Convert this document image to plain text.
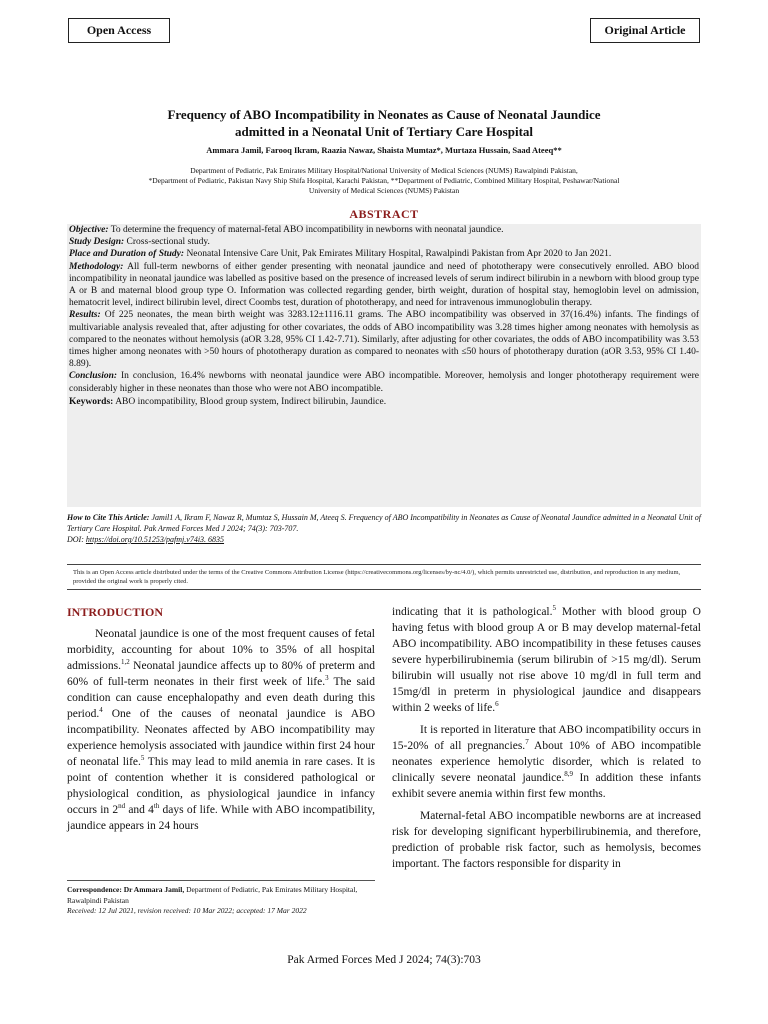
Open Access	Original Article
Frequency of ABO Incompatibility in Neonates as Cause of Neonatal Jaundice
admitted in a Neonatal Unit of Tertiary Care Hospital
Ammara Jamil, Farooq Ikram, Raazia Nawaz, Shaista Mumtaz*, Murtaza Hussain, Saad Ateeq**
Department of Pediatric, Pak Emirates Military Hospital/National University of Medical Sciences (NUMS) Rawalpindi Pakistan,
*Department of Pediatric, Pakistan Navy Ship Shifa Hospital, Karachi Pakistan, **Department of Pediatric, Combined Military Hospital, Peshawar/National
University of Medical Sciences (NUMS) Pakistan
ABSTRACT

Objective: To determine the frequency of maternal-fetal ABO incompatibility in newborns with neonatal jaundice.

Study Design: Cross-sectional study.

Place and Duration of Study: Neonatal Intensive Care Unit, Pak Emirates Military Hospital, Rawalpindi Pakistan from Apr 2020 to Jan 2021.

Methodology: All full-term newborns of either gender presenting with neonatal jaundice and need of phototherapy were consecutively enrolled. ABO blood incompatibility in neonatal jaundice was labelled as positive based on the presence of increased levels of serum indirect bilirubin in a newborn with blood group type A or B and maternal blood group type O. Information was collected regarding gender, birth weight, duration of hospital stay, hemoglobin level on admission, hematocrit level, indirect bilirubin level, direct Coombs test, duration of phototherapy, and need for intravenous immunoglobulin therapy.

Results: Of 225 neonates, the mean birth weight was 3283.12±1116.11 grams. The ABO incompatibility was observed in 37(16.4%) infants. The findings of multivariable analysis revealed that, after adjusting for other covariates, the odds of ABO incompatibility was 3.28 times higher among neonates with hemolysis as compared to the neonates without hemolysis (aOR 3.28, 95% CI 1.42-7.71). Similarly, after adjusting for other covariates, the odds of ABO incompatibility was 3.53 times higher among neonates with >50 hours of phototherapy duration as compared to neonates with ≤50 hours of phototherapy duration (aOR 3.53, 95% CI 1.40-8.89).

Conclusion: In conclusion, 16.4% newborns with neonatal jaundice were ABO incompatible. Moreover, hemolysis and longer phototherapy requirement were considerably higher in these neonates than those who were not ABO incompatible.

Keywords: ABO incompatibility, Blood group system, Indirect bilirubin, Jaundice.

How to Cite This Article: Jamil1 A, Ikram F, Nawaz R, Mumtaz S, Hussain M, Ateeq S. Frequency of ABO Incompatibility in Neonates as Cause of Neonatal Jaundice admitted in a Neonatal Unit of Tertiary Care Hospital. Pak Armed Forces Med J 2024; 74(3): 703-707.
DOI: https://doi.org/10.51253/pafmj.v74i3. 6835
This is an Open Access article distributed under the terms of the Creative Commons Attribution License (https://creativecommons.org/licenses/by-nc/4.0/), which permits unrestricted use, distribution, and reproduction in any medium, provided the original work is properly cited.
INTRODUCTION

Neonatal jaundice is one of the most frequent causes of fetal morbidity, accounting for about 10% to 35% of all hospital admissions.$^{1,2}$ Neonatal jaundice affects up to 80% of preterm and 60% of full-term neonates in their first week of life.$^3$ The said condition can cause encephalopathy and even death during this period.$^4$ One of the causes of neonatal jaundice is ABO incompatibility. Neonates affected by ABO incompatibility may experience hemolysis associated with jaundice within first 24 hour of neonatal life.$^5$ This may lead to mild anemia in rare cases. It is point of contention whether it is considered pathological or physiological condition, as physiological jaundice in infancy occurs in 2nd and 4th days of life. While with ABO incompatibility, jaundice appears in 24 hours

Correspondence: Dr Ammara Jamil, Department of Pediatric, Pak Emirates Military Hospital, Rawalpindi Pakistan
Received: 12 Jul 2021, revision received: 10 Mar 2022; accepted: 17 Mar 2022

indicating that it is pathological.$^5$ Mother with blood group O having fetus with blood group A or B may develop maternal-fetal ABO incompatibility. ABO incompatibility in these fetuses causes severe hyperbilirubinemia (serum bilirubin of >15 mg/dl). Serum bilirubin will usually not rise above 10 mg/dl in full term and 15mg/dl in preterm in physiological jaundice and disappears within 2 weeks of life.$^6$

It is reported in literature that ABO incompatibility occurs in 15-20% of all pregnancies.$^7$ About 10% of ABO incompatible neonates experience hemolytic disorder, which is related to clinically severe neonatal jaundice.$^{8,9}$ In addition these infants exhibit severe anemia within first few months.

Maternal-fetal ABO incompatible newborns are at increased risk for developing significant hyperbilirubinemia, and therefore, prediction of probable risk factor, such as hemolysis, becomes important. The factors responsible for disparity in

Pak Armed Forces Med J 2024; 74(3):703
